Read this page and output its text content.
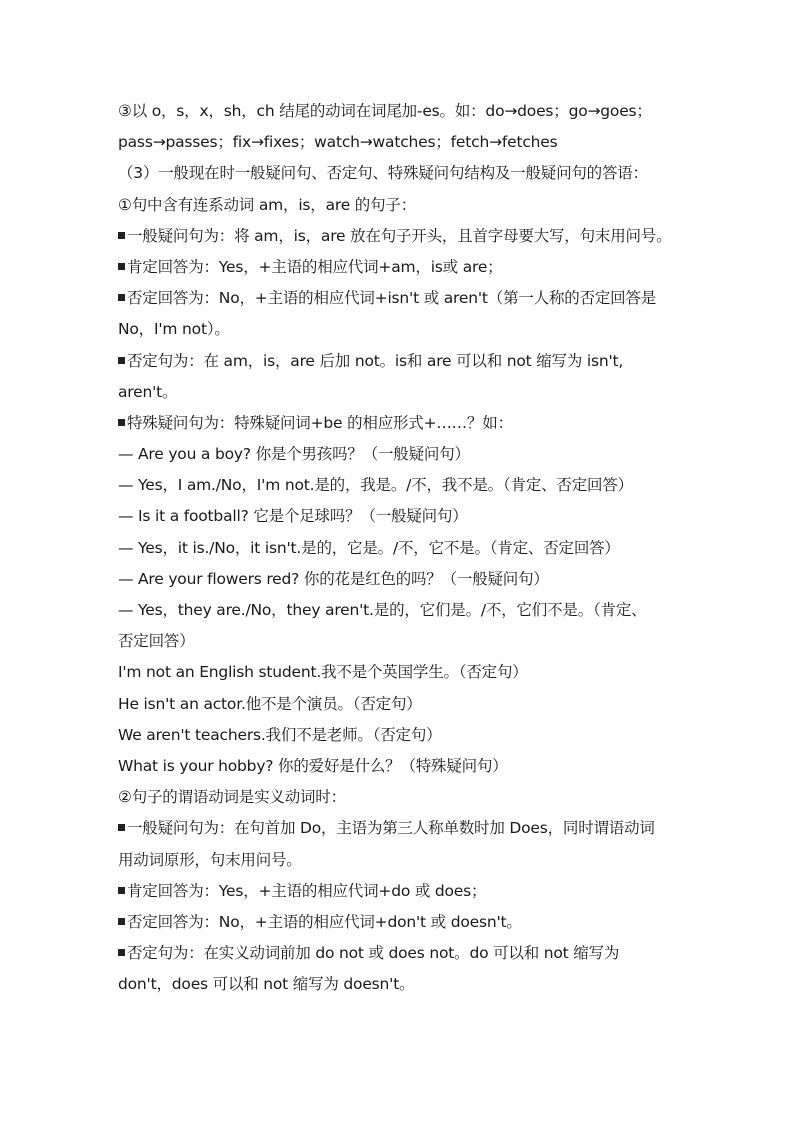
③以 o，s，x，sh，ch 结尾的动词在词尾加-es。如：do→does；go→goes；
pass→passes；fix→fixes；watch→watches；fetch→fetches
（3）一般现在时一般疑问句、否定句、特殊疑问句结构及一般疑问句的答语：
①句中含有连系动词 am，is，are 的句子：
一般疑问句为：将 am，is，are 放在句子开头，且首字母要大写，句末用问号。
肯定回答为：Yes，+主语的相应代词+am，is或 are；
否定回答为：No，+主语的相应代词+isn't 或 aren't（第一人称的否定回答是
No，I'm not）。
否定句为：在 am，is，are 后加 not。is和 are 可以和 not 缩写为 isn't,
aren't。
特殊疑问句为：特殊疑问词+be 的相应形式+……？如：
— Are you a boy? 你是个男孩吗？（一般疑问句）
— Yes，I am./No，I'm not.是的，我是。/不，我不是。（肯定、否定回答）
— Is it a football? 它是个足球吗？（一般疑问句）
— Yes，it is./No，it isn't.是的，它是。/不，它不是。（肯定、否定回答）
— Are your flowers red? 你的花是红色的吗？（一般疑问句）
— Yes，they are./No，they aren't.是的，它们是。/不，它们不是。（肯定、
否定回答）
I'm not an English student.我不是个英国学生。（否定句）
He isn't an actor.他不是个演员。（否定句）
We aren't teachers.我们不是老师。（否定句）
What is your hobby? 你的爱好是什么？（特殊疑问句）
②句子的谓语动词是实义动词时：
一般疑问句为：在句首加 Do，主语为第三人称单数时加 Does，同时谓语动词
用动词原形，句末用问号。
肯定回答为：Yes，+主语的相应代词+do 或 does；
否定回答为：No，+主语的相应代词+don't 或 doesn't。
否定句为：在实义动词前加 do not 或 does not。do 可以和 not 缩写为
don't，does 可以和 not 缩写为 doesn't。
